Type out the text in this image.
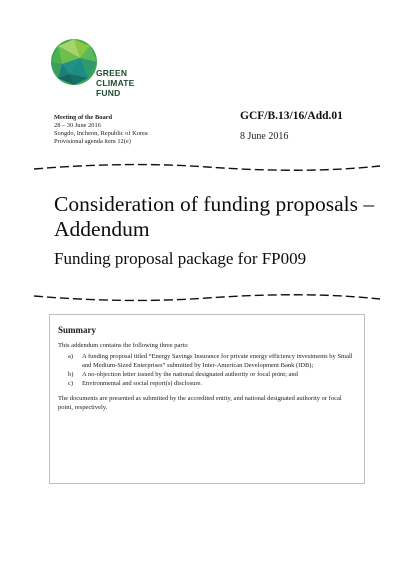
GREEN
CLIMATE
FUND
Meeting of the Board
28 – 30 June 2016
Songdo, Incheon, Republic of Korea
Provisional agenda item 12(e)
GCF/B.13/16/Add.01
8 June 2016
Consideration of funding proposals – Addendum
Funding proposal package for FP009

Summary

This addendum contains the following three parts:

a) A funding proposal titled “Energy Savings Insurance for private energy efficiency investments by Small and Medium-Sized Enterprises” submitted by Inter-American Development Bank (IDB);
b) A no-objection letter issued by the national designated authority or focal point; and
c) Environmental and social report(s) disclosure.

The documents are presented as submitted by the accredited entity, and national designated authority or focal point, respectively.
